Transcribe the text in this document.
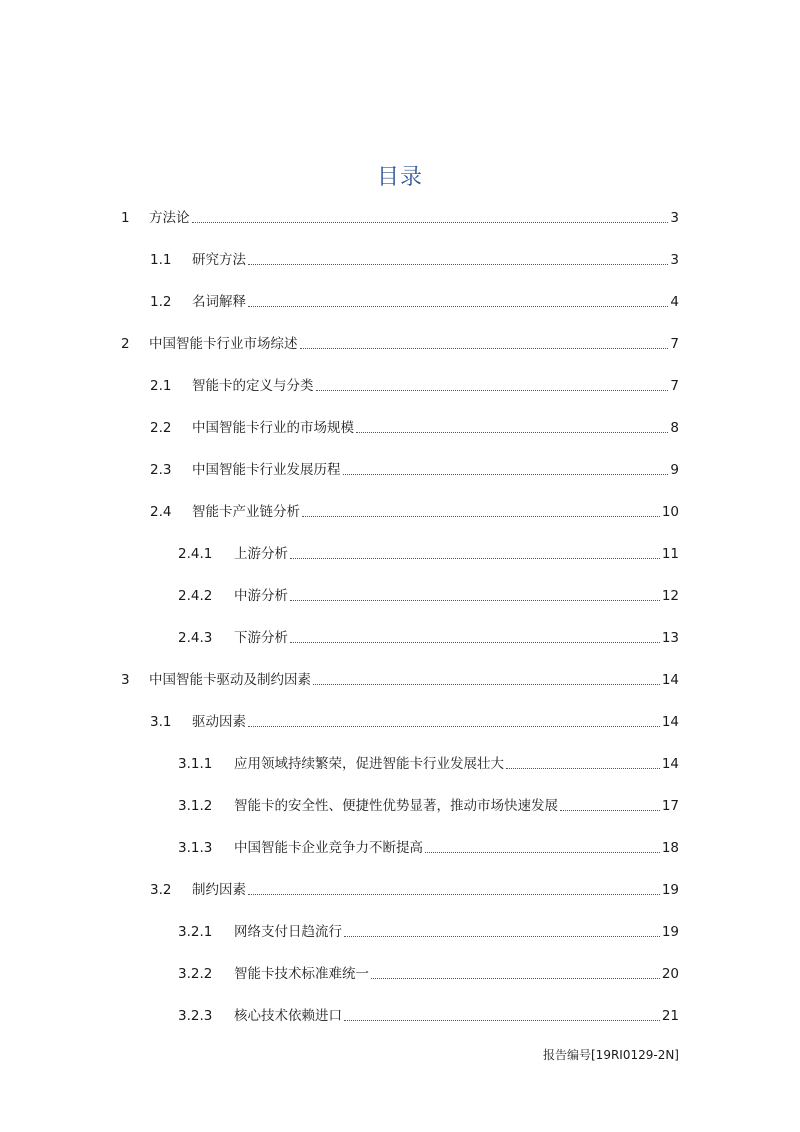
目录
1	方法论	3
1.1	研究方法	3
1.2	名词解释	4
2	中国智能卡行业市场综述	7
2.1	智能卡的定义与分类	7
2.2	中国智能卡行业的市场规模	8
2.3	中国智能卡行业发展历程	9
2.4	智能卡产业链分析	10
2.4.1	上游分析	11
2.4.2	中游分析	12
2.4.3	下游分析	13
3	中国智能卡驱动及制约因素	14
3.1	驱动因素	14
3.1.1	应用领域持续繁荣，促进智能卡行业发展壮大	14
3.1.2	智能卡的安全性、便捷性优势显著，推动市场快速发展	17
3.1.3	中国智能卡企业竞争力不断提高	18
3.2	制约因素	19
3.2.1	网络支付日趋流行	19
3.2.2	智能卡技术标准难统一	20
3.2.3	核心技术依赖进口	21
报告编号[19RI0129-2N]
